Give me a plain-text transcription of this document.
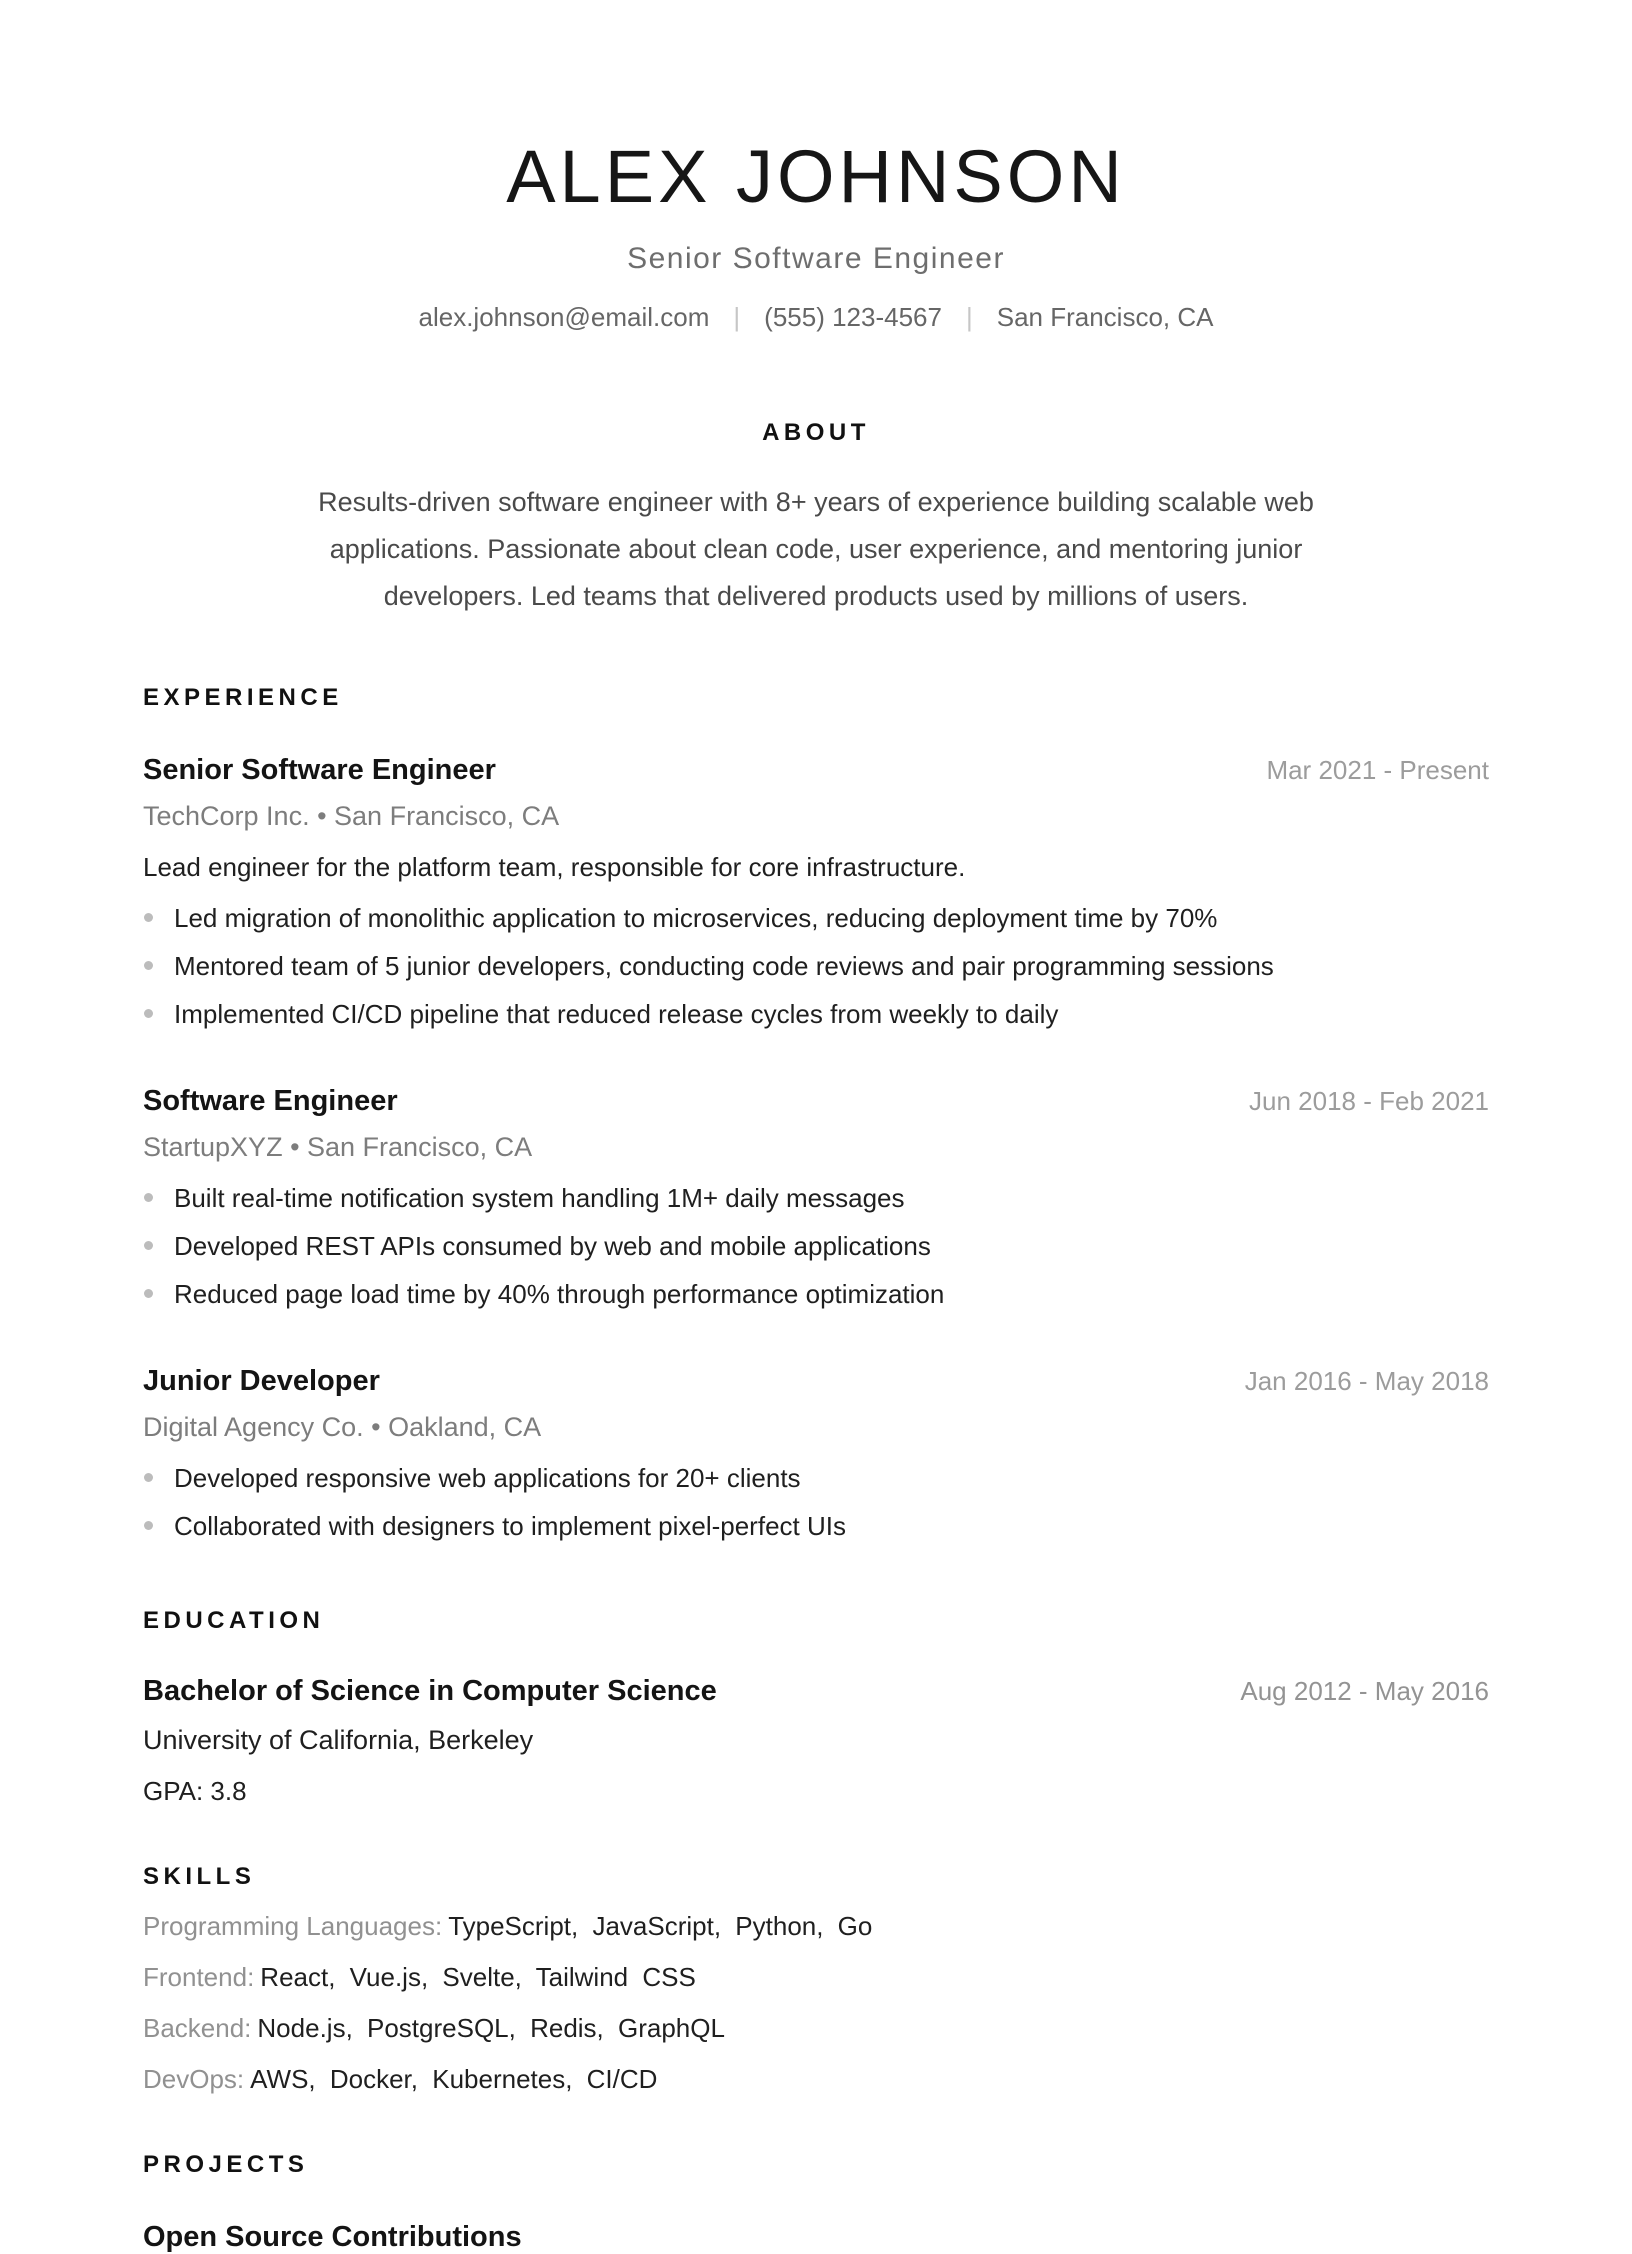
ALEX JOHNSON
Senior Software Engineer
alex.johnson@email.com | (555) 123-4567 | San Francisco, CA
ABOUT

Results-driven software engineer with 8+ years of experience building scalable web applications. Passionate about clean code, user experience, and mentoring junior developers. Led teams that delivered products used by millions of users.

EXPERIENCE
Senior Software Engineer	Mar 2021 - Present
TechCorp Inc. • San Francisco, CA
Lead engineer for the platform team, responsible for core infrastructure.
Led migration of monolithic application to microservices, reducing deployment time by 70%
Mentored team of 5 junior developers, conducting code reviews and pair programming sessions
Implemented CI/CD pipeline that reduced release cycles from weekly to daily
Software Engineer	Jun 2018 - Feb 2021
StartupXYZ • San Francisco, CA
Built real-time notification system handling 1M+ daily messages
Developed REST APIs consumed by web and mobile applications
Reduced page load time by 40% through performance optimization
Junior Developer	Jan 2016 - May 2018
Digital Agency Co. • Oakland, CA
Developed responsive web applications for 20+ clients
Collaborated with designers to implement pixel-perfect UIs
EDUCATION
Bachelor of Science in Computer Science	Aug 2012 - May 2016
University of California, Berkeley
GPA: 3.8
SKILLS
Programming Languages: TypeScript, JavaScript, Python, Go
Frontend: React, Vue.js, Svelte, Tailwind CSS
Backend: Node.js, PostgreSQL, Redis, GraphQL
DevOps: AWS, Docker, Kubernetes, CI/CD
PROJECTS
Open Source Contributions
